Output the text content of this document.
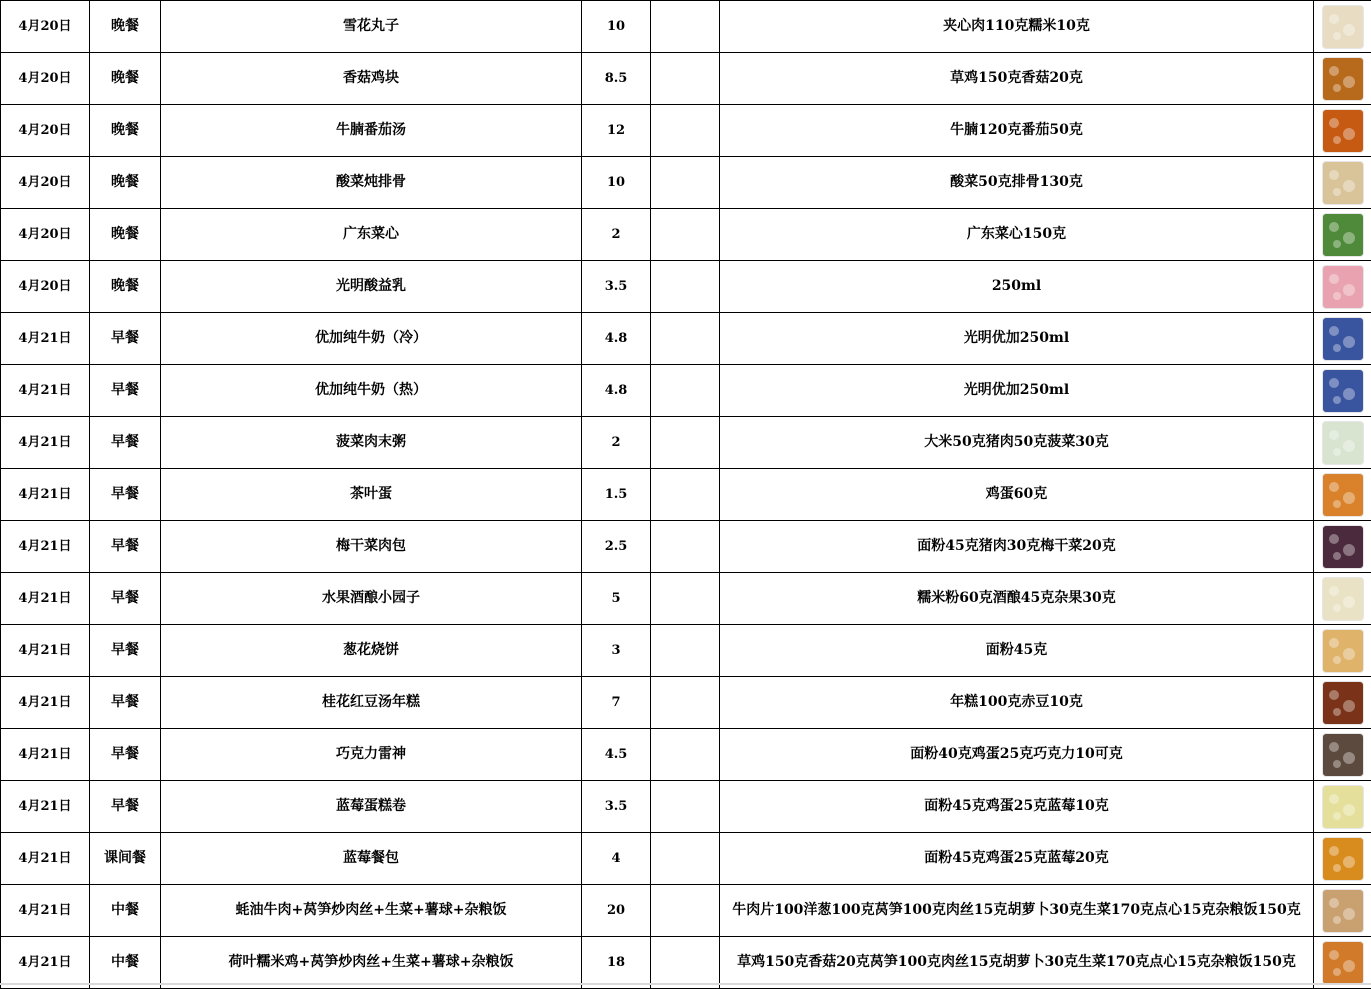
4月20日	晚餐	雪花丸子	10		夹心肉110克糯米10克	

4月20日	晚餐	香菇鸡块	8.5		草鸡150克香菇20克	

4月20日	晚餐	牛腩番茄汤	12		牛腩120克番茄50克	

4月20日	晚餐	酸菜炖排骨	10		酸菜50克排骨130克	

4月20日	晚餐	广东菜心	2		广东菜心150克	

4月20日	晚餐	光明酸益乳	3.5		250ml	

4月21日	早餐	优加纯牛奶（冷）	4.8		光明优加250ml	

4月21日	早餐	优加纯牛奶（热）	4.8		光明优加250ml	

4月21日	早餐	菠菜肉末粥	2		大米50克猪肉50克菠菜30克	

4月21日	早餐	茶叶蛋	1.5		鸡蛋60克	

4月21日	早餐	梅干菜肉包	2.5		面粉45克猪肉30克梅干菜20克	

4月21日	早餐	水果酒酿小园子	5		糯米粉60克酒酿45克杂果30克	

4月21日	早餐	葱花烧饼	3		面粉45克	

4月21日	早餐	桂花红豆汤年糕	7		年糕100克赤豆10克	

4月21日	早餐	巧克力雷神	4.5		面粉40克鸡蛋25克巧克力10可克	

4月21日	早餐	蓝莓蛋糕卷	3.5		面粉45克鸡蛋25克蓝莓10克	

4月21日	课间餐	蓝莓餐包	4		面粉45克鸡蛋25克蓝莓20克	

4月21日	中餐	蚝油牛肉+莴笋炒肉丝+生菜+薯球+杂粮饭	20		牛肉片100洋葱100克莴笋100克肉丝15克胡萝卜30克生菜170克点心15克杂粮饭150克	

4月21日	中餐	荷叶糯米鸡+莴笋炒肉丝+生菜+薯球+杂粮饭	18		草鸡150克香菇20克莴笋100克肉丝15克胡萝卜30克生菜170克点心15克杂粮饭150克	
